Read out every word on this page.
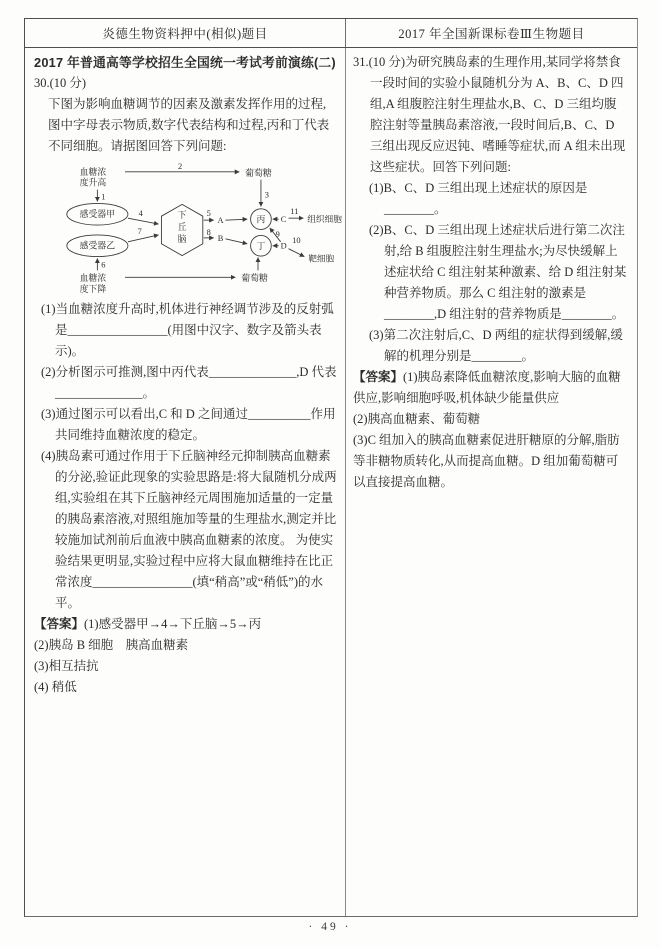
炎德生物资料押中(相似)题目	2017 年全国新课标卷Ⅲ生物题目

2017 年普通高等学校招生全国统一考试考前演练(二)

30.(10 分)

下图为影响血糖调节的因素及激素发挥作用的过程,图中字母表示物质,数字代表结构和过程,丙和丁代表不同细胞。请据图回答下列问题:

血糖浓
度升高
2
葡萄糖
1
感受器甲
3
下丘脑
4	5
A
8
B
丙
丁
C
11
组织细胞
9
D
10
靶细胞
感受器乙
7
6
血糖浓
度下降
葡萄糖

(1)当血糖浓度升高时,机体进行神经调节涉及的反射弧是________________(用图中汉字、数字及箭头表示)。

(2)分析图示可推测,图中丙代表______________,D 代表______________。

(3)通过图示可以看出,C 和 D 之间通过__________作用共同维持血糖浓度的稳定。

(4)胰岛素可通过作用于下丘脑神经元抑制胰高血糖素的分泌,验证此现象的实验思路是:将大鼠随机分成两组,实验组在其下丘脑神经元周围施加适量的一定量的胰岛素溶液,对照组施加等量的生理盐水,测定并比较施加试剂前后血液中胰高血糖素的浓度。 为使实验结果更明显,实验过程中应将大鼠血糖维持在比正常浓度________________(填“稍高”或“稍低”)的水平。

【答案】(1)感受器甲→4→下丘脑→5→丙

(2)胰岛 B 细胞　胰高血糖素

(3)相互拮抗

(4) 稍低

31.(10 分)为研究胰岛素的生理作用,某同学将禁食一段时间的实验小鼠随机分为 A、B、C、D 四组,A 组腹腔注射生理盐水,B、C、D 三组均腹腔注射等量胰岛素溶液,一段时间后,B、C、D 三组出现反应迟钝、嗜睡等症状,而 A 组未出现这些症状。回答下列问题:

(1)B、C、D 三组出现上述症状的原因是________。

(2)B、C、D 三组出现上述症状后进行第二次注射,给 B 组腹腔注射生理盐水;为尽快缓解上述症状给 C 组注射某种激素、给 D 组注射某种营养物质。那么 C 组注射的激素是________,D 组注射的营养物质是________。

(3)第二次注射后,C、D 两组的症状得到缓解,缓解的机理分别是________。

【答案】(1)胰岛素降低血糖浓度,影响大脑的血糖供应,影响细胞呼吸,机体缺少能量供应

(2)胰高血糖素、葡萄糖

(3)C 组加入的胰高血糖素促进肝糖原的分解,脂肪等非糖物质转化,从而提高血糖。D 组加葡萄糖可以直接提高血糖。

· 49 ·
